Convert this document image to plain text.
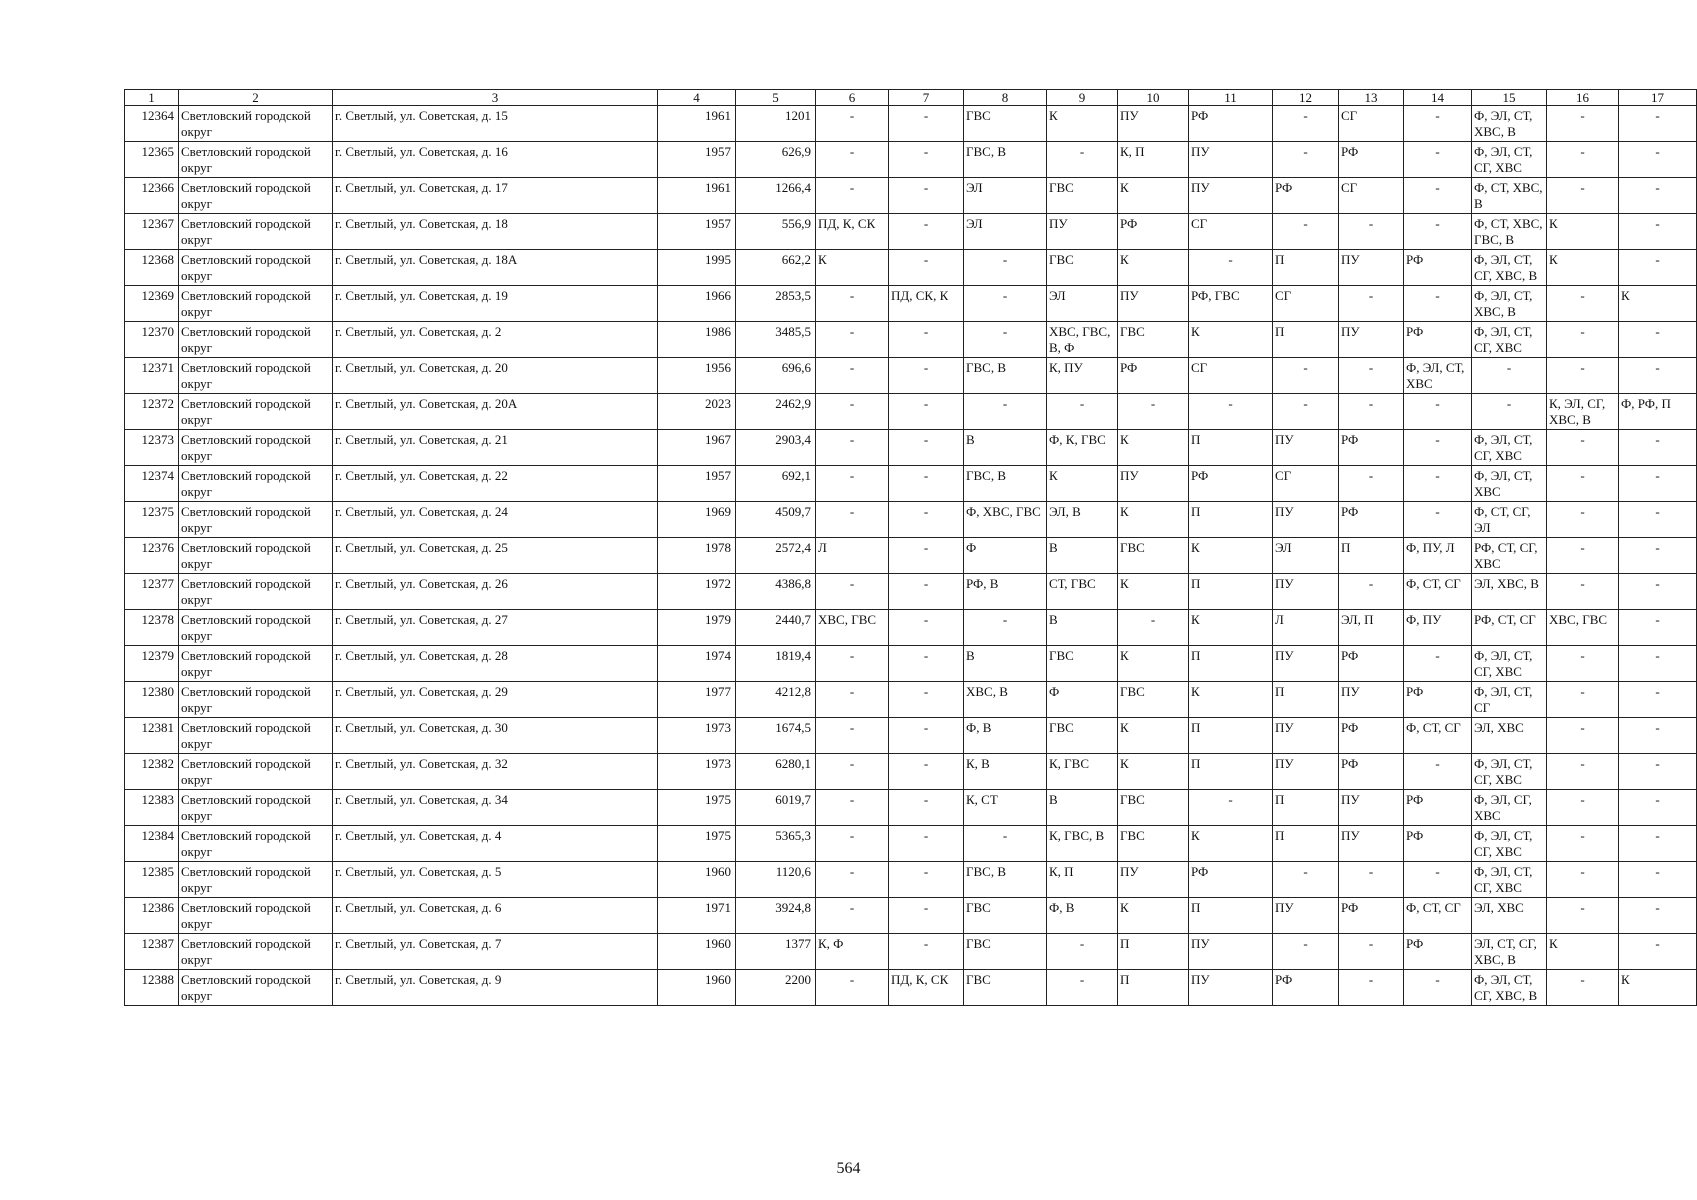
1	2	3	4	5	6	7	8	9	10	11	12	13	14	15	16	17
12364	Светловский городской округ	г. Светлый, ул. Советская, д. 15	1961	1201	-	-	ГВС	К	ПУ	РФ	-	СГ	-	Ф, ЭЛ, СТ, ХВС, В	-	-
12365	Светловский городской округ	г. Светлый, ул. Советская, д. 16	1957	626,9	-	-	ГВС, В	-	К, П	ПУ	-	РФ	-	Ф, ЭЛ, СТ, СГ, ХВС	-	-
12366	Светловский городской округ	г. Светлый, ул. Советская, д. 17	1961	1266,4	-	-	ЭЛ	ГВС	К	ПУ	РФ	СГ	-	Ф, СТ, ХВС, В	-	-
12367	Светловский городской округ	г. Светлый, ул. Советская, д. 18	1957	556,9	ПД, К, СК	-	ЭЛ	ПУ	РФ	СГ	-	-	-	Ф, СТ, ХВС, ГВС, В	К	-
12368	Светловский городской округ	г. Светлый, ул. Советская, д. 18А	1995	662,2	К	-	-	ГВС	К	-	П	ПУ	РФ	Ф, ЭЛ, СТ, СГ, ХВС, В	К	-
12369	Светловский городской округ	г. Светлый, ул. Советская, д. 19	1966	2853,5	-	ПД, СК, К	-	ЭЛ	ПУ	РФ, ГВС	СГ	-	-	Ф, ЭЛ, СТ, ХВС, В	-	К
12370	Светловский городской округ	г. Светлый, ул. Советская, д. 2	1986	3485,5	-	-	-	ХВС, ГВС, В, Ф	ГВС	К	П	ПУ	РФ	Ф, ЭЛ, СТ, СГ, ХВС	-	-
12371	Светловский городской округ	г. Светлый, ул. Советская, д. 20	1956	696,6	-	-	ГВС, В	К, ПУ	РФ	СГ	-	-	Ф, ЭЛ, СТ, ХВС	-	-	-
12372	Светловский городской округ	г. Светлый, ул. Советская, д. 20А	2023	2462,9	-	-	-	-	-	-	-	-	-	-	К, ЭЛ, СГ, ХВС, В	Ф, РФ, П
12373	Светловский городской округ	г. Светлый, ул. Советская, д. 21	1967	2903,4	-	-	В	Ф, К, ГВС	К	П	ПУ	РФ	-	Ф, ЭЛ, СТ, СГ, ХВС	-	-
12374	Светловский городской округ	г. Светлый, ул. Советская, д. 22	1957	692,1	-	-	ГВС, В	К	ПУ	РФ	СГ	-	-	Ф, ЭЛ, СТ, ХВС	-	-
12375	Светловский городской округ	г. Светлый, ул. Советская, д. 24	1969	4509,7	-	-	Ф, ХВС, ГВС	ЭЛ, В	К	П	ПУ	РФ	-	Ф, СТ, СГ, ЭЛ	-	-
12376	Светловский городской округ	г. Светлый, ул. Советская, д. 25	1978	2572,4	Л	-	Ф	В	ГВС	К	ЭЛ	П	Ф, ПУ, Л	РФ, СТ, СГ, ХВС	-	-
12377	Светловский городской округ	г. Светлый, ул. Советская, д. 26	1972	4386,8	-	-	РФ, В	СТ, ГВС	К	П	ПУ	-	Ф, СТ, СГ	ЭЛ, ХВС, В	-	-
12378	Светловский городской округ	г. Светлый, ул. Советская, д. 27	1979	2440,7	ХВС, ГВС	-	-	В	-	К	Л	ЭЛ, П	Ф, ПУ	РФ, СТ, СГ	ХВС, ГВС	-
12379	Светловский городской округ	г. Светлый, ул. Советская, д. 28	1974	1819,4	-	-	В	ГВС	К	П	ПУ	РФ	-	Ф, ЭЛ, СТ, СГ, ХВС	-	-
12380	Светловский городской округ	г. Светлый, ул. Советская, д. 29	1977	4212,8	-	-	ХВС, В	Ф	ГВС	К	П	ПУ	РФ	Ф, ЭЛ, СТ, СГ	-	-
12381	Светловский городской округ	г. Светлый, ул. Советская, д. 30	1973	1674,5	-	-	Ф, В	ГВС	К	П	ПУ	РФ	Ф, СТ, СГ	ЭЛ, ХВС	-	-
12382	Светловский городской округ	г. Светлый, ул. Советская, д. 32	1973	6280,1	-	-	К, В	К, ГВС	К	П	ПУ	РФ	-	Ф, ЭЛ, СТ, СГ, ХВС	-	-
12383	Светловский городской округ	г. Светлый, ул. Советская, д. 34	1975	6019,7	-	-	К, СТ	В	ГВС	-	П	ПУ	РФ	Ф, ЭЛ, СГ, ХВС	-	-
12384	Светловский городской округ	г. Светлый, ул. Советская, д. 4	1975	5365,3	-	-	-	К, ГВС, В	ГВС	К	П	ПУ	РФ	Ф, ЭЛ, СТ, СГ, ХВС	-	-
12385	Светловский городской округ	г. Светлый, ул. Советская, д. 5	1960	1120,6	-	-	ГВС, В	К, П	ПУ	РФ	-	-	-	Ф, ЭЛ, СТ, СГ, ХВС	-	-
12386	Светловский городской округ	г. Светлый, ул. Советская, д. 6	1971	3924,8	-	-	ГВС	Ф, В	К	П	ПУ	РФ	Ф, СТ, СГ	ЭЛ, ХВС	-	-
12387	Светловский городской округ	г. Светлый, ул. Советская, д. 7	1960	1377	К, Ф	-	ГВС	-	П	ПУ	-	-	РФ	ЭЛ, СТ, СГ, ХВС, В	К	-
12388	Светловский городской округ	г. Светлый, ул. Советская, д. 9	1960	2200	-	ПД, К, СК	ГВС	-	П	ПУ	РФ	-	-	Ф, ЭЛ, СТ, СГ, ХВС, В	-	К
564
